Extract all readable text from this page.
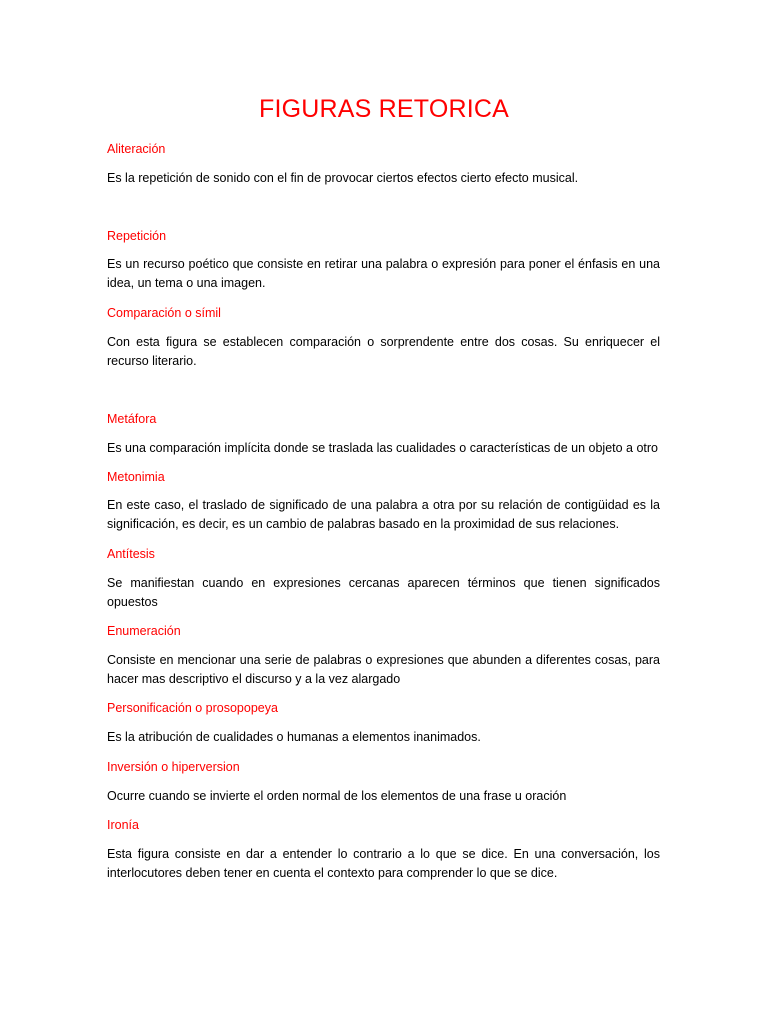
FIGURAS RETORICA
Aliteración
Es la repetición de sonido con el fin de provocar ciertos efectos cierto efecto musical.
Repetición
Es un recurso poético que consiste en retirar una palabra o expresión para poner el énfasis en una idea, un tema o una imagen.
Comparación o símil
Con esta figura se establecen comparación o sorprendente entre dos cosas. Su enriquecer el recurso literario.
Metáfora
Es una comparación implícita donde se traslada las cualidades o características de un objeto a otro
Metonimia
En este caso, el traslado de significado de una palabra a otra por su relación de contigüidad es la significación, es decir, es un cambio de palabras basado en la proximidad de sus relaciones.
Antítesis
Se manifiestan cuando en expresiones cercanas aparecen términos que tienen significados opuestos
Enumeración
Consiste en mencionar una serie de palabras o expresiones que abunden a diferentes cosas, para hacer mas descriptivo el discurso y a la vez alargado
Personificación o prosopopeya
Es la atribución de cualidades o humanas a elementos inanimados.
Inversión o hiperversion
Ocurre cuando se invierte el orden normal de los elementos de una frase u oración
Ironía
Esta figura consiste en dar a entender lo contrario a lo que se dice. En una conversación, los interlocutores deben tener en cuenta el contexto para comprender lo que se dice.
